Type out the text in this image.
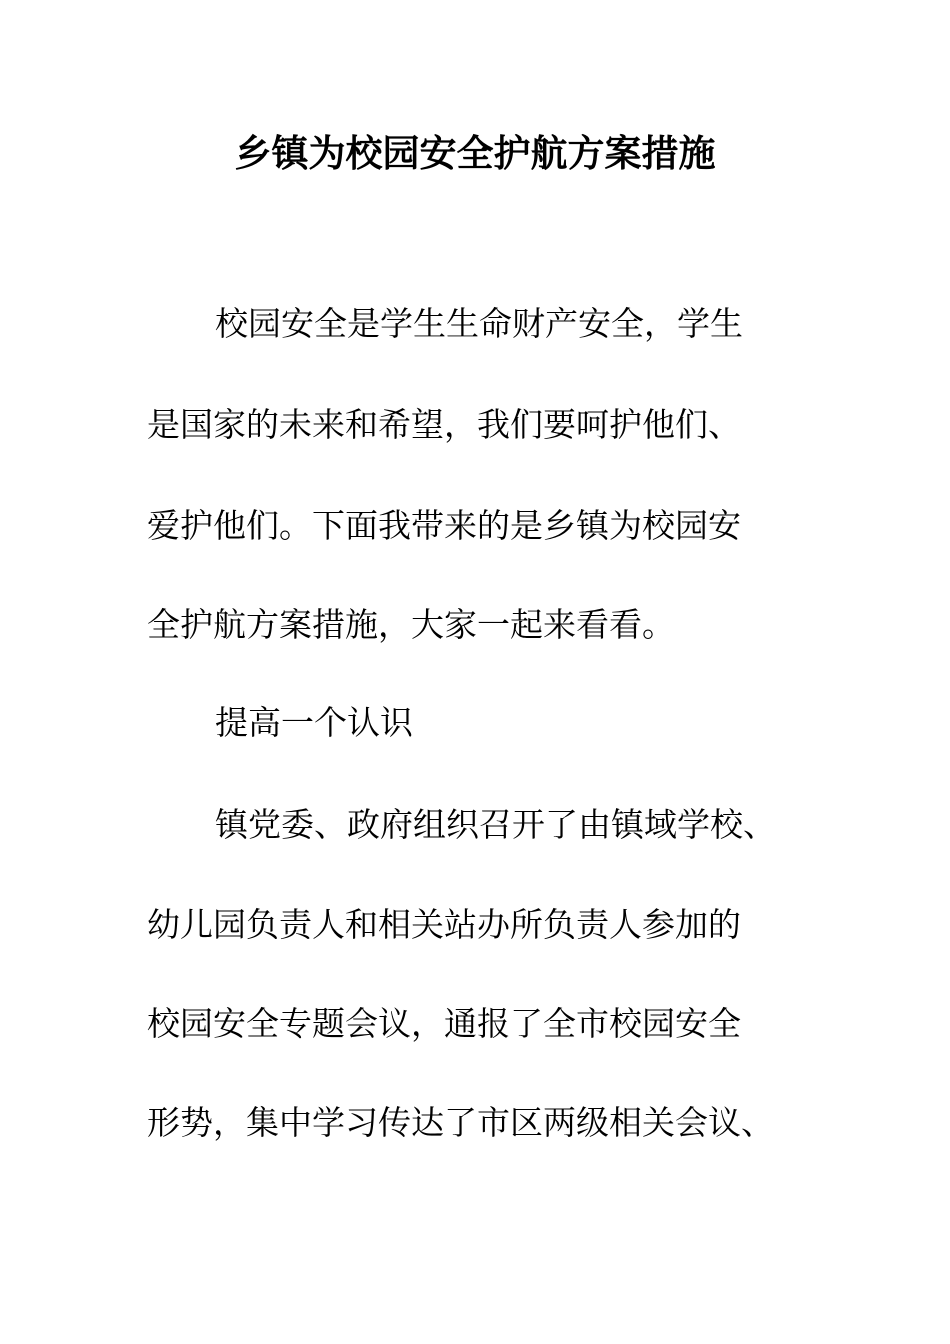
乡镇为校园安全护航方案措施
校园安全是学生生命财产安全，学生
是国家的未来和希望，我们要呵护他们、
爱护他们。下面我带来的是乡镇为校园安
全护航方案措施，大家一起来看看。
提高一个认识
镇党委、政府组织召开了由镇域学校、
幼儿园负责人和相关站办所负责人参加的
校园安全专题会议，通报了全市校园安全
形势，集中学习传达了市区两级相关会议、
